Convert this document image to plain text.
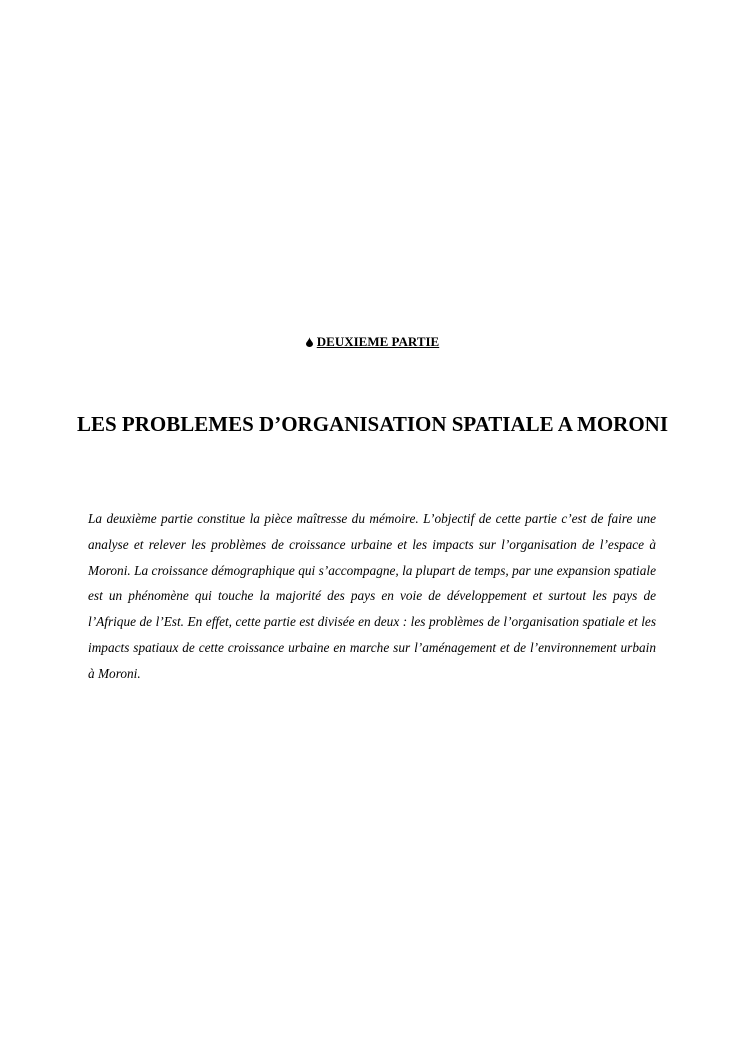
DEUXIEME PARTIE
LES PROBLEMES D’ORGANISATION SPATIALE A MORONI

La deuxième partie constitue la pièce maîtresse du mémoire. L’objectif de cette partie c’est de faire une analyse et relever les problèmes de croissance urbaine et les impacts sur l’organisation de l’espace à Moroni. La croissance démographique qui s’accompagne, la plupart de temps, par une expansion spatiale est un phénomène qui touche la majorité des pays en voie de développement et surtout les pays de l’Afrique de l’Est. En effet, cette partie est divisée en deux : les problèmes de l’organisation spatiale et les impacts spatiaux de cette croissance urbaine en marche sur l’aménagement et de l’environnement urbain à Moroni.
